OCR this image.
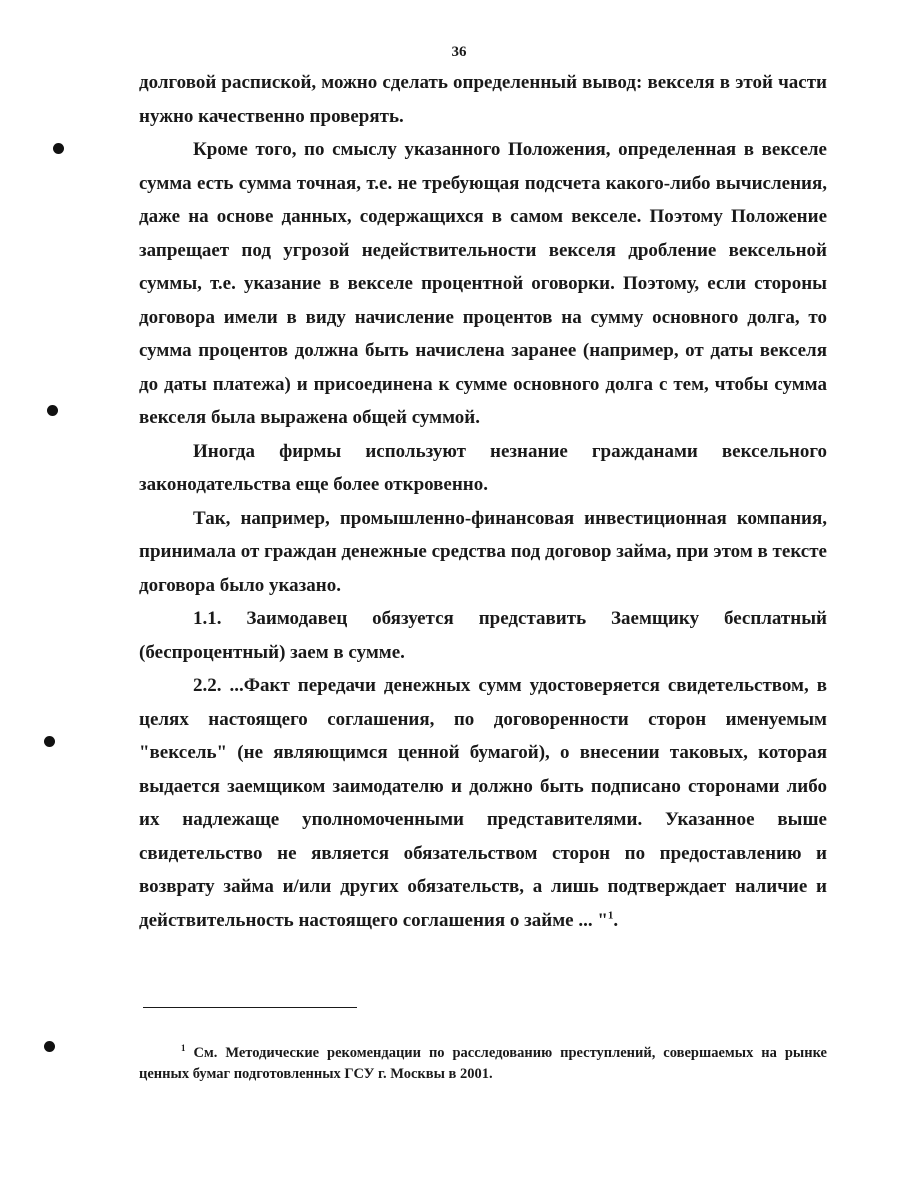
36

долговой распиской, можно сделать определенный вывод: векселя в этой части нужно качественно проверять.

Кроме того, по смыслу указанного Положения, определенная в векселе сумма есть сумма точная, т.е. не требующая подсчета какого-либо вычисления, даже на основе данных, содержащихся в самом векселе. Поэтому Положение запрещает под угрозой недействительности векселя дробление вексельной суммы, т.е. указание в векселе процентной оговорки. Поэтому, если стороны договора имели в виду начисление процентов на сумму основного долга, то сумма процентов должна быть начислена заранее (например, от даты векселя до даты платежа) и присоединена к сумме основного долга с тем, чтобы сумма векселя была выражена общей суммой.

Иногда фирмы используют незнание гражданами вексельного законодательства еще более откровенно.

Так, например, промышленно-финансовая инвестиционная компания, принимала от граждан денежные средства под договор займа, при этом в тексте договора было указано.

1.1. Заимодавец обязуется представить Заемщику бесплатный (беспроцентный) заем в сумме.

2.2. ...Факт передачи денежных сумм удостоверяется свидетельством, в целях настоящего соглашения, по договоренности сторон именуемым "вексель" (не являющимся ценной бумагой), о внесении таковых, которая выдается заемщиком заимодателю и должно быть подписано сторонами либо их надлежаще уполномоченными представителями. Указанное выше свидетельство не является обязательством сторон по предоставлению и возврату займа и/или других обязательств, а лишь подтверждает наличие и действительность настоящего соглашения о займе ... "$^1$.

$^1$ См. Методические рекомендации по расследованию преступлений, совершаемых на рынке ценных бумаг подготовленных ГСУ г. Москвы в 2001.
